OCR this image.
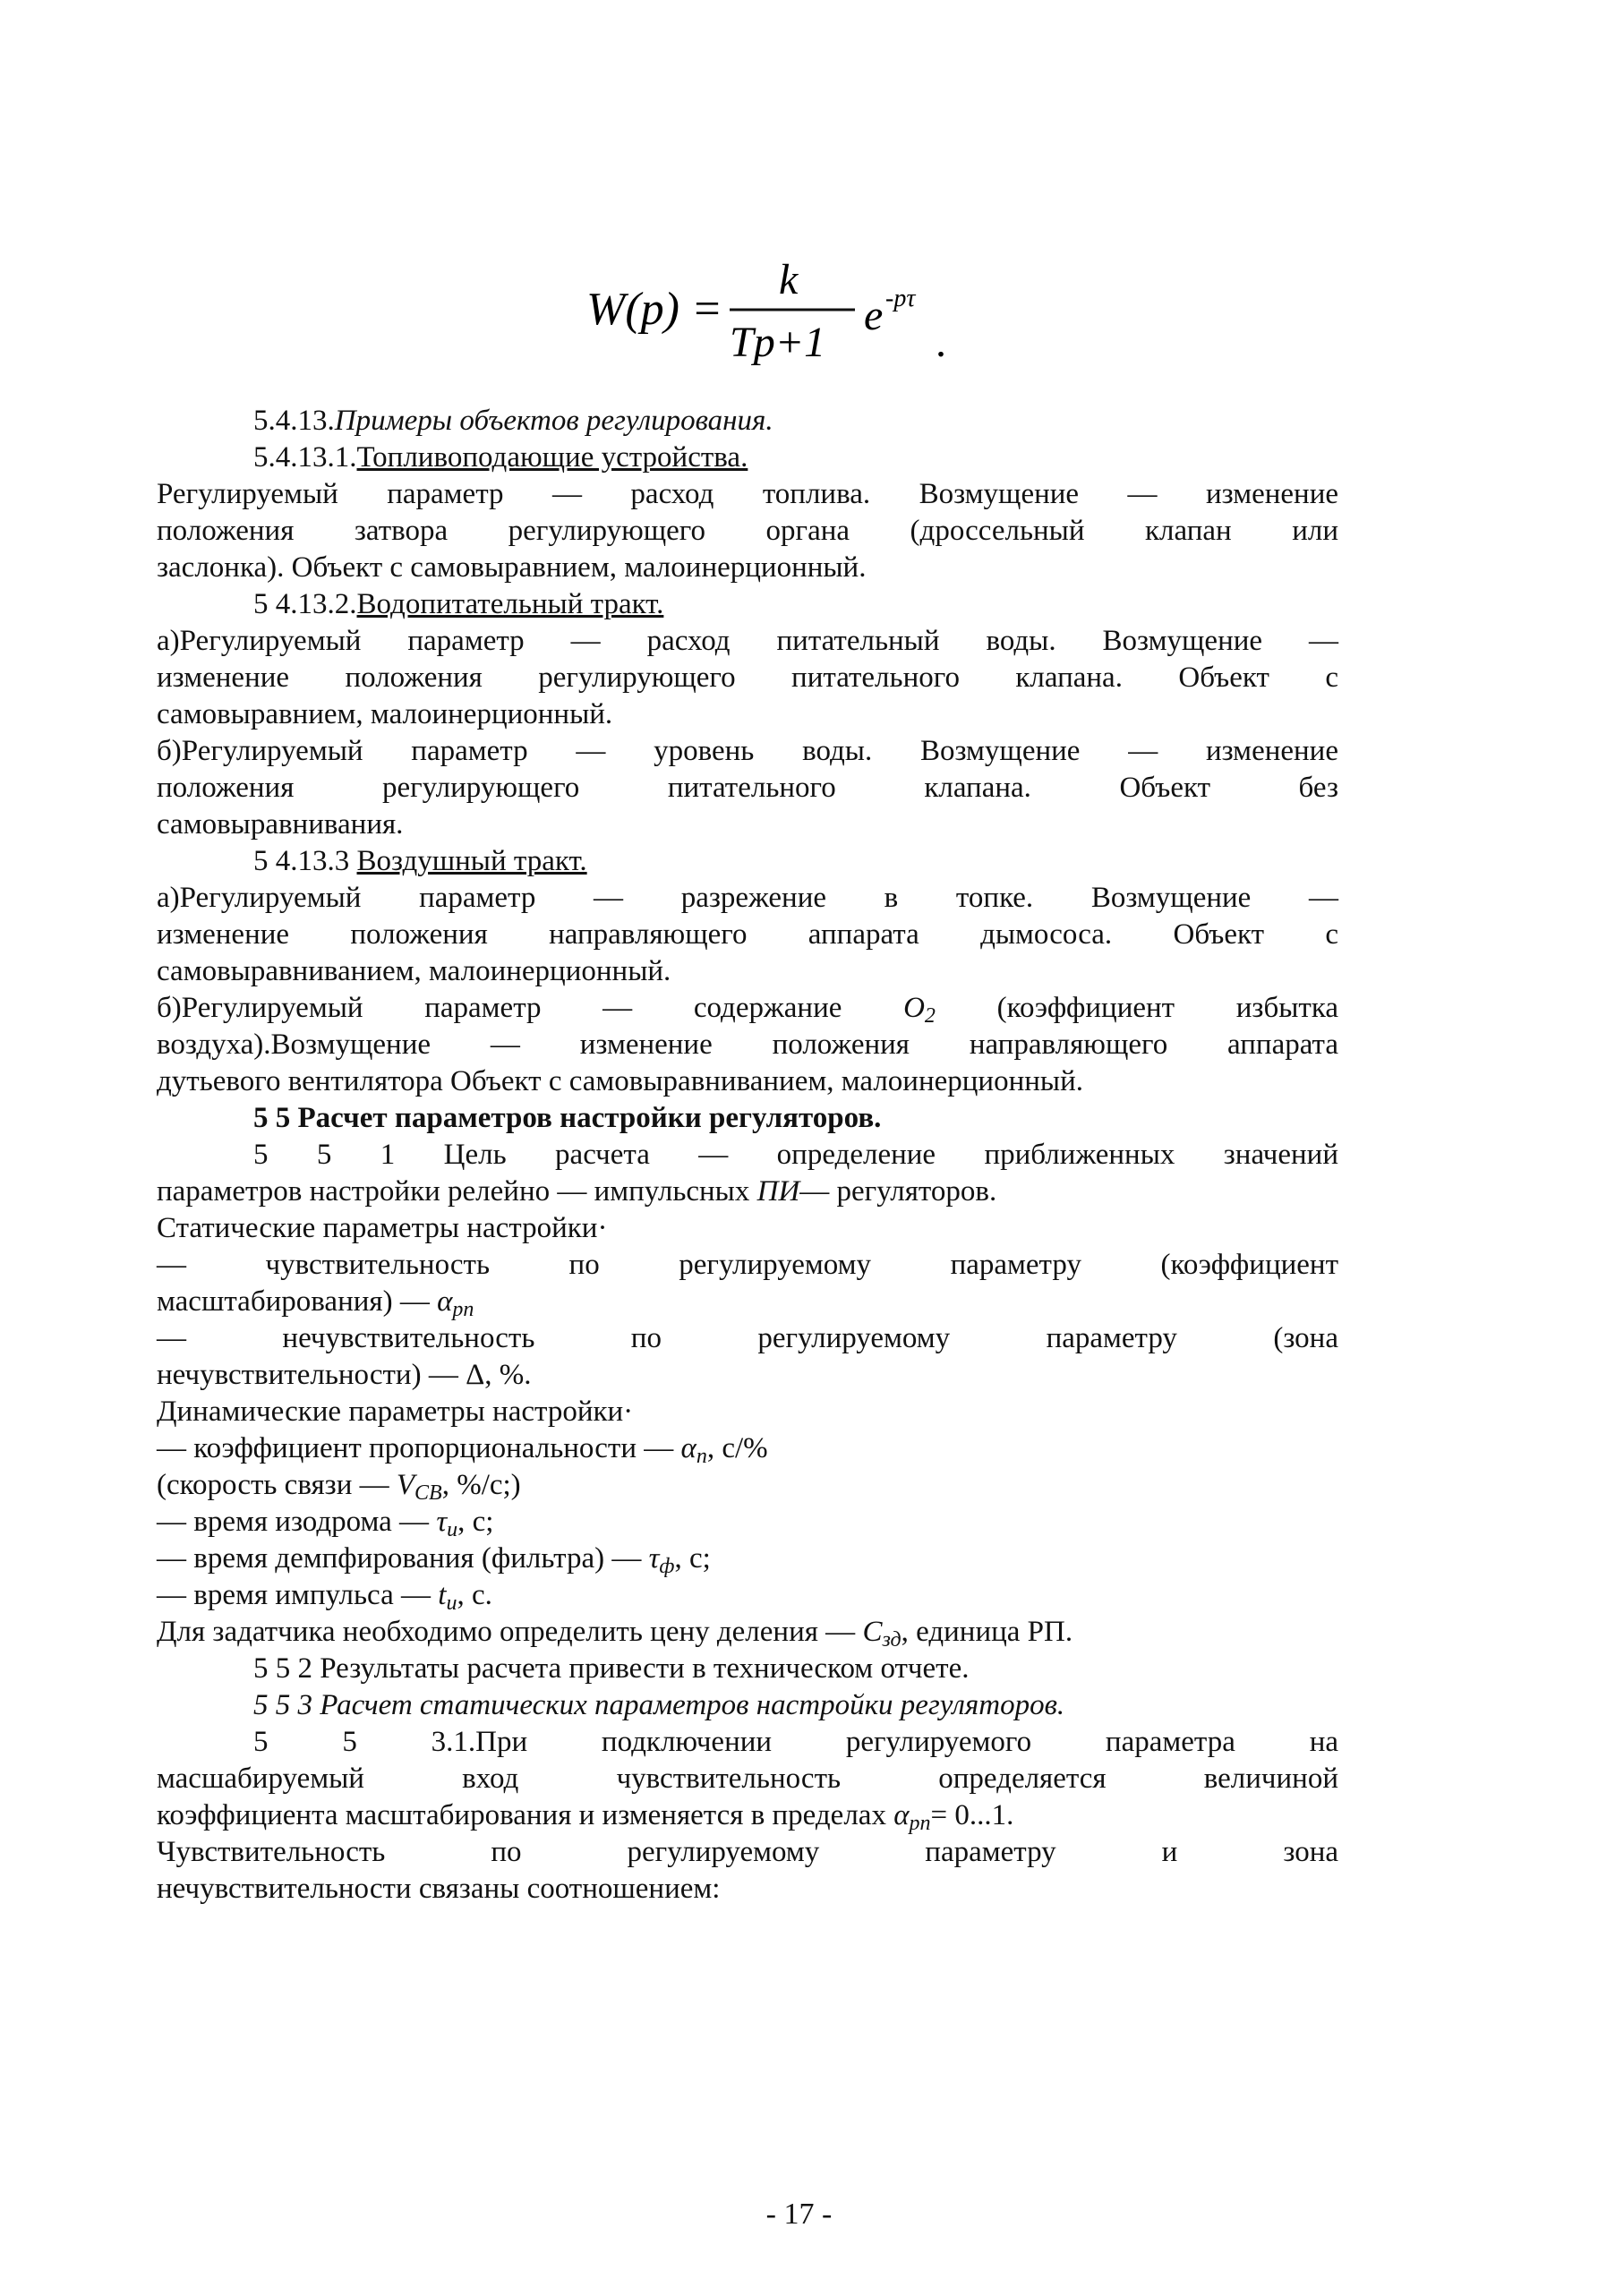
W(p) =
k
Tp+1
e -pτ
.
5.4.13.Примеры объектов регулирования.
5.4.13.1.Топливоподающие устройства.
Регулируемый параметр — расход топлива. Возмущение — изменение
положения затвора регулирующего органа (дроссельный клапан или
заслонка). Объект с самовыравнием, малоинерционный.
5 4.13.2.Водопитательный тракт.
а)Регулируемый параметр — расход питательный воды. Возмущение —
изменение положения регулирующего питательного клапана. Объект с
самовыравнием, малоинерционный.
б)Регулируемый параметр — уровень воды. Возмущение — изменение
положения регулирующего питательного клапана. Объект без
самовыравнивания.
5 4.13.3 Воздушный тракт.
а)Регулируемый параметр — разрежение в топке. Возмущение —
изменение положения направляющего аппарата дымососа. Объект с
самовыравниванием, малоинерционный.
б)Регулируемый параметр — содержание $O_2$ (коэффициент избытка
воздуха).Возмущение — изменение положения направляющего аппарата
дутьевого вентилятора Объект с самовыравниванием, малоинерционный.
5 5 Расчет параметров настройки регуляторов.
5 5 1 Цель расчета — определение приближенных значений
параметров настройки релейно — импульсных ПИ— регуляторов.
Статические параметры настройки·
— чувствительность по регулируемому параметру (коэффициент
масштабирования) — $\alpha_{рп}$
— нечувствительность по регулируемому параметру (зона
нечувствительности) — Δ, %.
Динамические параметры настройки·
— коэффициент пропорциональности — $\alpha_п$, с/%
(скорость связи — $V_{СВ}$, %/с;)
— время изодрома — $\tau_и$, с;
— время демпфирования (фильтра) — $\tau_ф$, с;
— время импульса — $t_и$, с.
Для задатчика необходимо определить цену деления — $C_{зд}$, единица РП.
5 5 2 Результаты расчета привести в техническом отчете.
5 5 3 Расчет статических параметров настройки регуляторов.
5 5 3.1.При подключении регулируемого параметра на
масшабируемый вход чувствительность определяется величиной
коэффициента масштабирования и изменяется в пределах $\alpha_{рп}= 0...1$.
Чувствительность по регулируемому параметру и зона
нечувствительности связаны соотношением:
- 17 -
